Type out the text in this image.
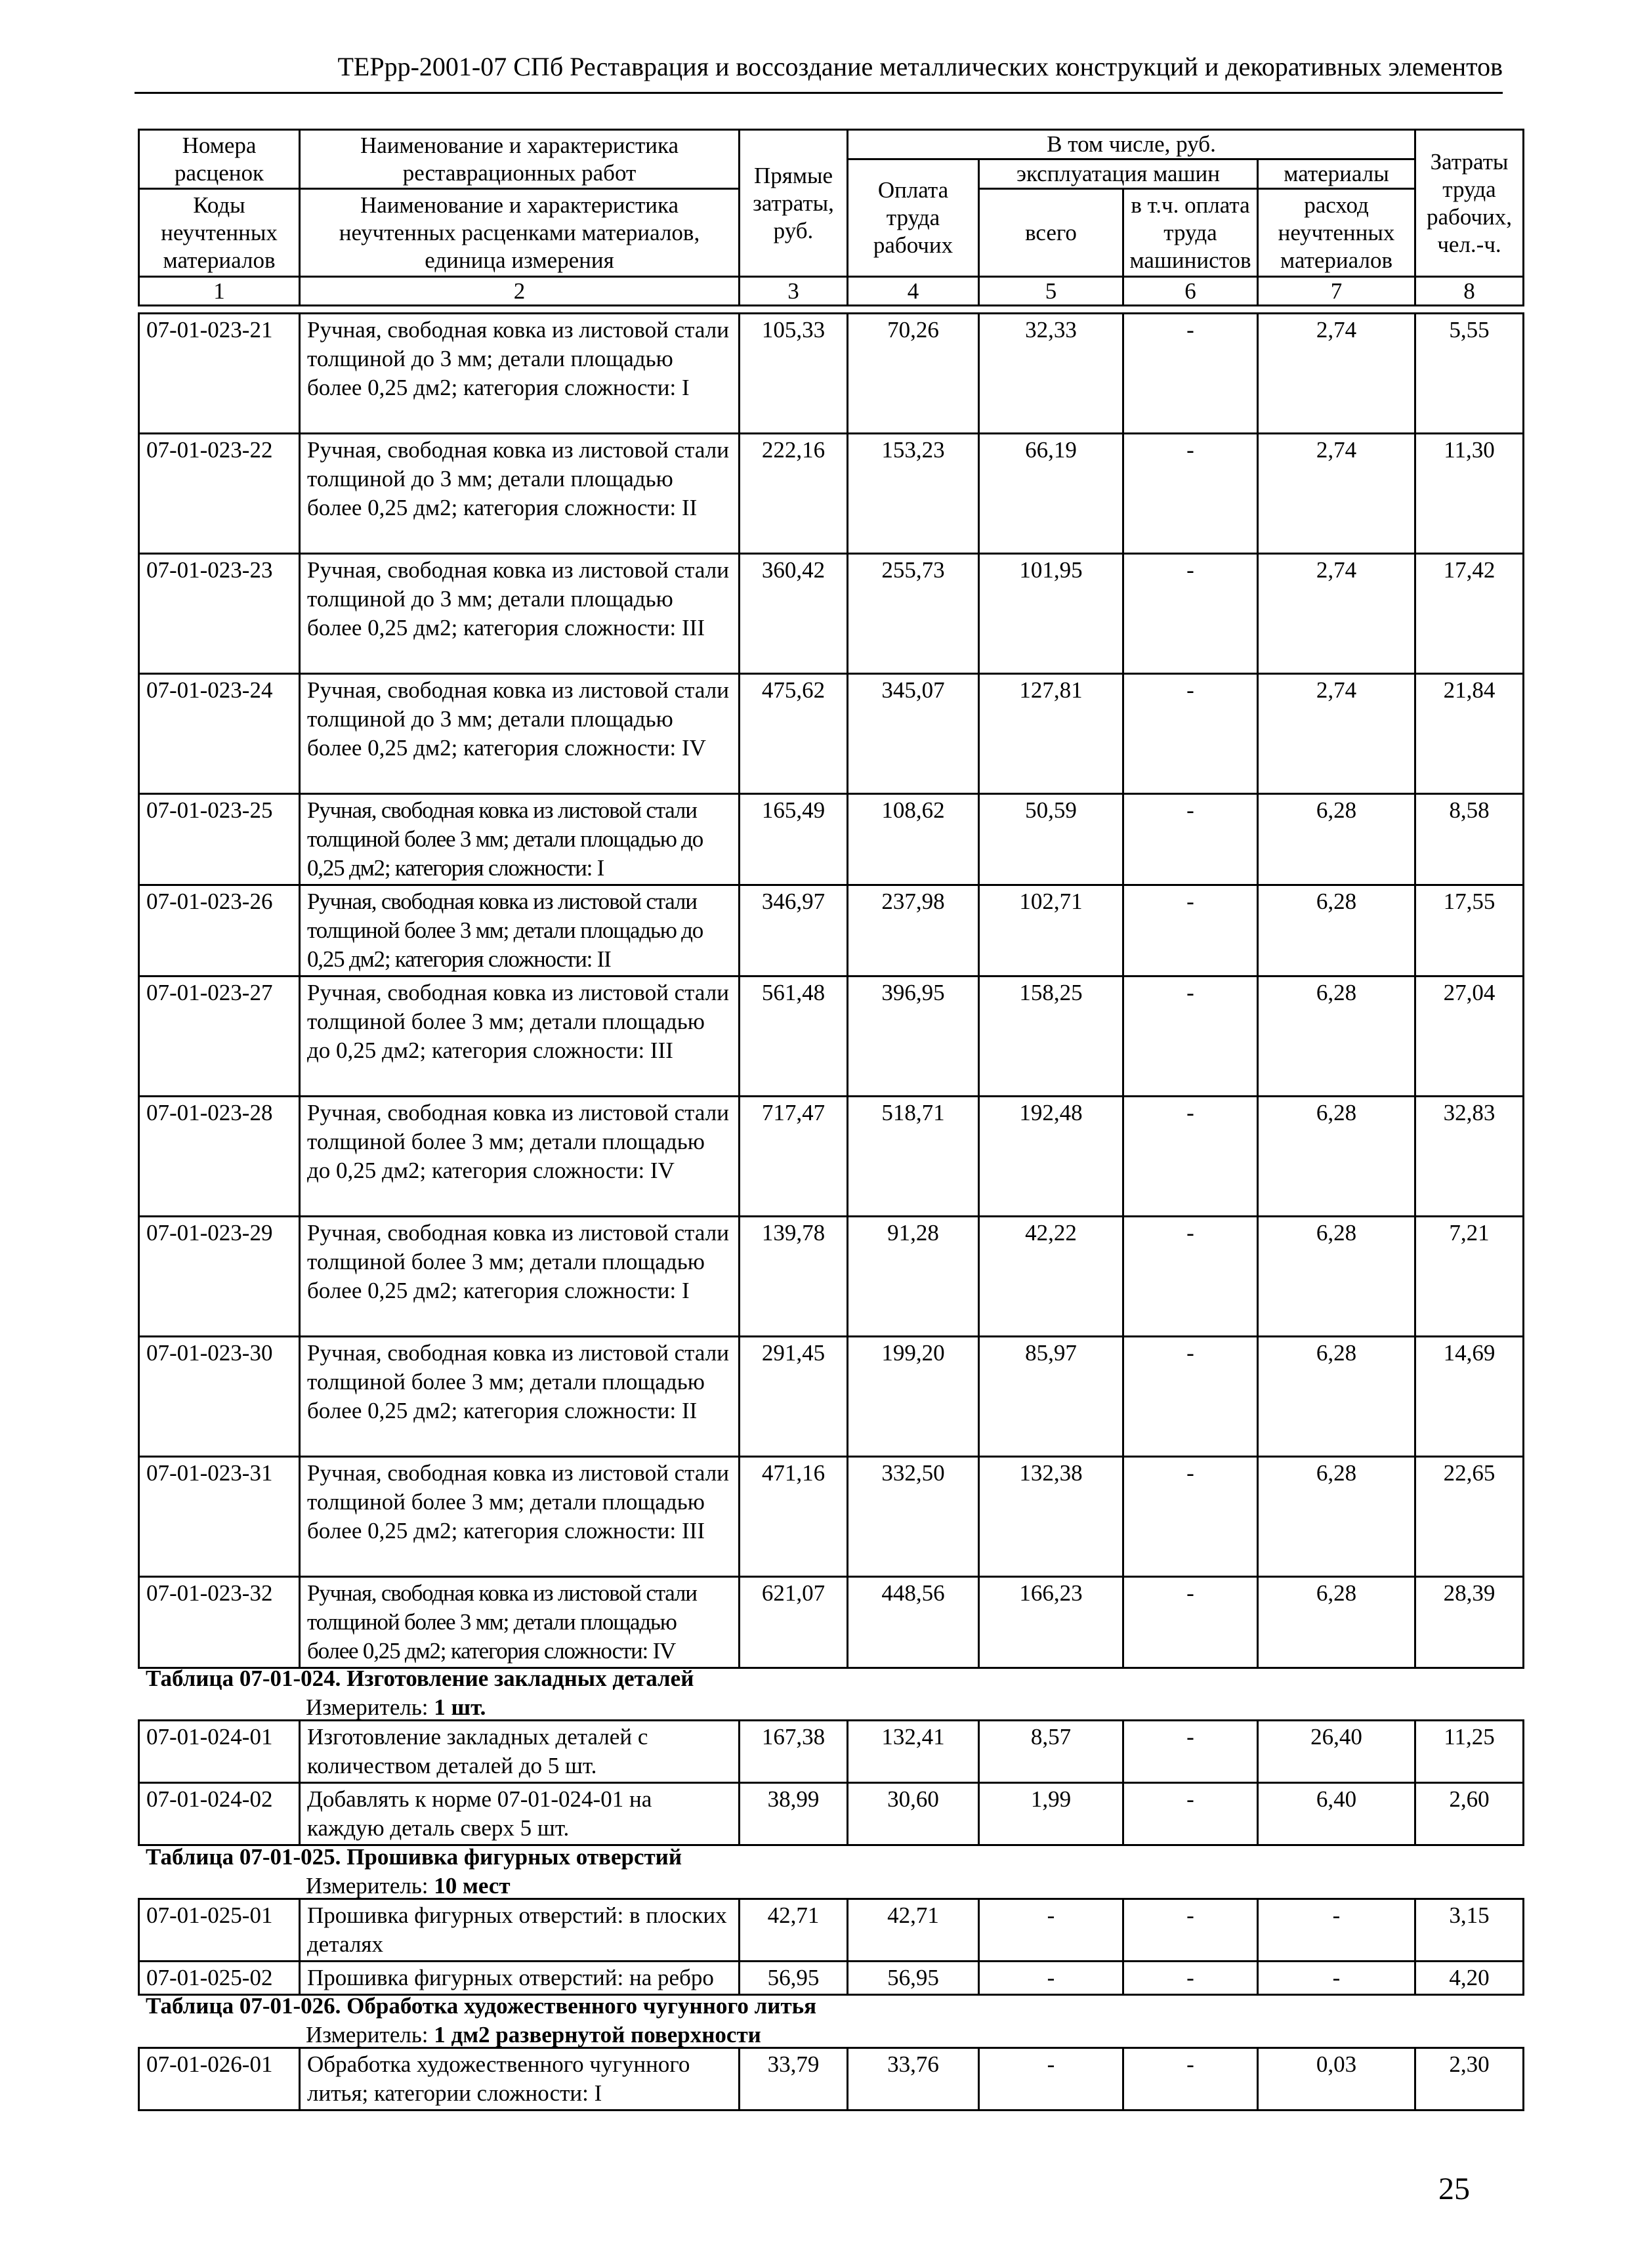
ТЕРрр-2001-07 СПб Реставрация и воссоздание металлических конструкций и декоративных элементов
Номера расценок	Наименование и характеристика реставрационных работ	Прямые затраты, руб.	В том числе, руб.				Затраты труда рабочих, чел.-ч.
			Оплата труда рабочих	эксплуатация машин		материалы	
Коды неучтенных материалов	Наименование и характеристика неучтенных расценками материалов, единица измерения			всего	в т.ч. оплата труда машинистов	расход неучтенных материалов	

1	2	3	4	5	6	7	8
07-01-023-21	Ручная, свободная ковка из листовой стали толщиной до 3 мм; детали площадью более 0,25 дм2; категория сложности: I	105,33	70,26	32,33	-	2,74	5,55
07-01-023-22	Ручная, свободная ковка из листовой стали толщиной до 3 мм; детали площадью более 0,25 дм2; категория сложности: II	222,16	153,23	66,19	-	2,74	11,30
07-01-023-23	Ручная, свободная ковка из листовой стали толщиной до 3 мм; детали площадью более 0,25 дм2; категория сложности: III	360,42	255,73	101,95	-	2,74	17,42
07-01-023-24	Ручная, свободная ковка из листовой стали толщиной до 3 мм; детали площадью более 0,25 дм2; категория сложности: IV	475,62	345,07	127,81	-	2,74	21,84
07-01-023-25	Ручная, свободная ковка из листовой стали толщиной более 3 мм; детали площадью до 0,25 дм2; категория сложности: I	165,49	108,62	50,59	-	6,28	8,58
07-01-023-26	Ручная, свободная ковка из листовой стали толщиной более 3 мм; детали площадью до 0,25 дм2; категория сложности: II	346,97	237,98	102,71	-	6,28	17,55
07-01-023-27	Ручная, свободная ковка из листовой стали толщиной более 3 мм; детали площадью до 0,25 дм2; категория сложности: III	561,48	396,95	158,25	-	6,28	27,04
07-01-023-28	Ручная, свободная ковка из листовой стали толщиной более 3 мм; детали площадью до 0,25 дм2; категория сложности: IV	717,47	518,71	192,48	-	6,28	32,83
07-01-023-29	Ручная, свободная ковка из листовой стали толщиной более 3 мм; детали площадью более 0,25 дм2; категория сложности: I	139,78	91,28	42,22	-	6,28	7,21
07-01-023-30	Ручная, свободная ковка из листовой стали толщиной более 3 мм; детали площадью более 0,25 дм2; категория сложности: II	291,45	199,20	85,97	-	6,28	14,69
07-01-023-31	Ручная, свободная ковка из листовой стали толщиной более 3 мм; детали площадью более 0,25 дм2; категория сложности: III	471,16	332,50	132,38	-	6,28	22,65
07-01-023-32	Ручная, свободная ковка из листовой стали толщиной более 3 мм; детали площадью более 0,25 дм2; категория сложности: IV	621,07	448,56	166,23	-	6,28	28,39
Таблица 07-01-024. Изготовление закладных деталей
Измеритель: 1 шт.
07-01-024-01	Изготовление закладных деталей с количеством деталей до 5 шт.	167,38	132,41	8,57	-	26,40	11,25
07-01-024-02	Добавлять к норме 07-01-024-01 на каждую деталь сверх 5 шт.	38,99	30,60	1,99	-	6,40	2,60
Таблица 07-01-025. Прошивка фигурных отверстий
Измеритель: 10 мест
07-01-025-01	Прошивка фигурных отверстий: в плоских деталях	42,71	42,71	-	-	-	3,15
07-01-025-02	Прошивка фигурных отверстий: на ребро	56,95	56,95	-	-	-	4,20
Таблица 07-01-026. Обработка художественного чугунного литья
Измеритель: 1 дм2 развернутой поверхности
07-01-026-01	Обработка художественного чугунного литья; категории сложности: I	33,79	33,76	-	-	0,03	2,30
25
